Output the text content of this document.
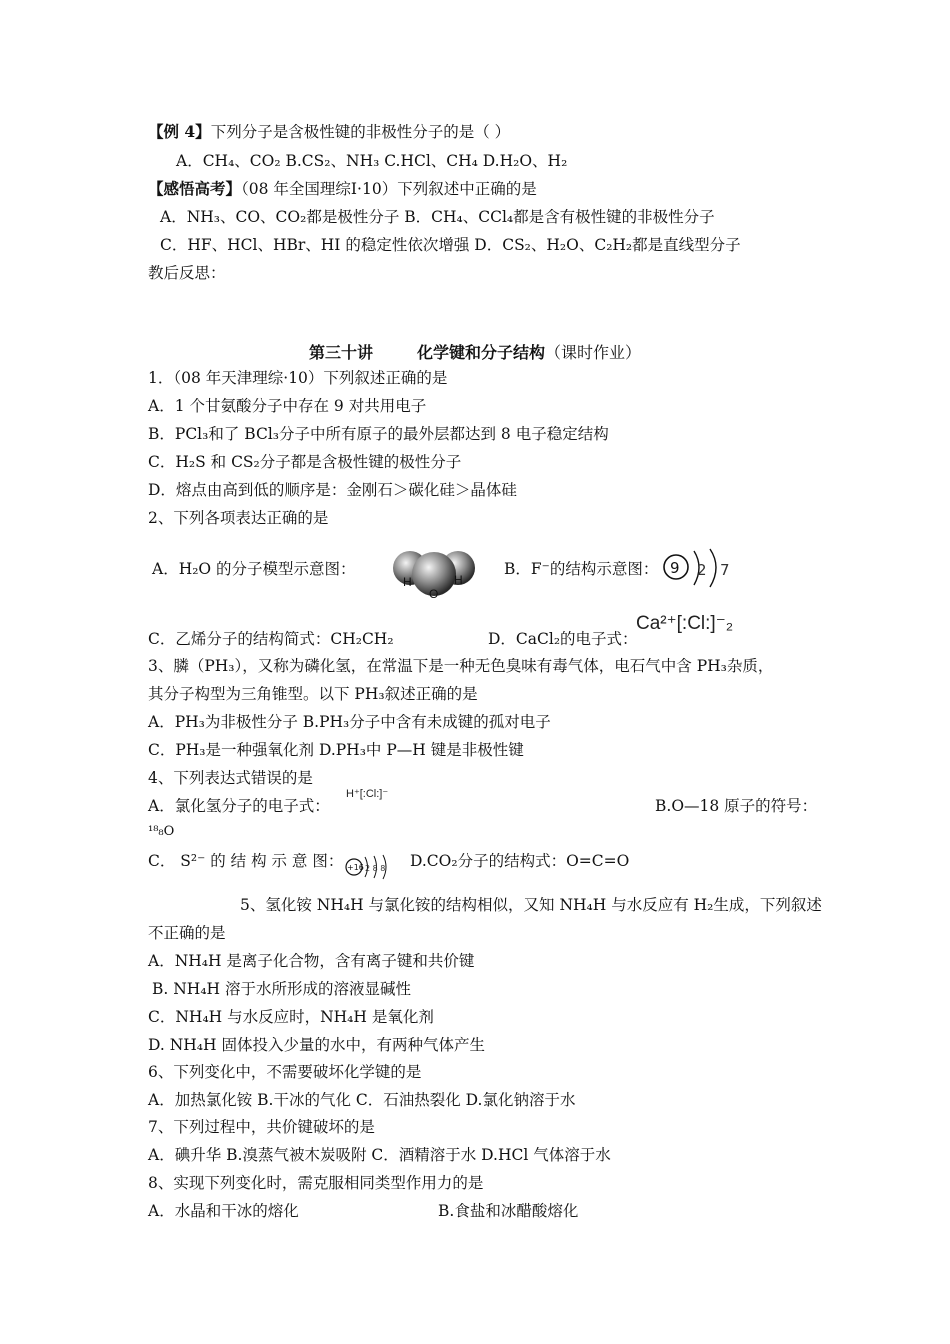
【例 4】下列分子是含极性键的非极性分子的是（ ）
A．CH₄、CO₂ B.CS₂、NH₃ C.HCl、CH₄ D.H₂O、H₂
【感悟高考】（08 年全国理综Ⅰ·10）下列叙述中正确的是
A．NH₃、CO、CO₂都是极性分子 B．CH₄、CCl₄都是含有极性键的非极性分子
C．HF、HCl、HBr、HI 的稳定性依次增强 D．CS₂、H₂O、C₂H₂都是直线型分子
教后反思：
第三十讲	化学键和分子结构（课时作业）
1．（08 年天津理综·10）下列叙述正确的是
A．1 个甘氨酸分子中存在 9 对共用电子
B．PCl₃和了 BCl₃分子中所有原子的最外层都达到 8 电子稳定结构
C．H₂S 和 CS₂分子都是含极性键的极性分子
D．熔点由高到低的顺序是：金刚石＞碳化硅＞晶体硅
2、下列各项表达正确的是
A．H₂O 的分子模型示意图：
H	H
O
B．F⁻的结构示意图： 9 2 7
C．乙烯分子的结构简式：CH₂CH₂	D．CaCl₂的电子式：
Ca²⁺[:Cl:]⁻₂
3、膦（PH₃），又称为磷化氢，在常温下是一种无色臭味有毒气体，电石气中含 PH₃杂质，
其分子构型为三角锥型。以下 PH₃叙述正确的是
A．PH₃为非极性分子 B.PH₃分子中含有未成键的孤对电子
C．PH₃是一种强氧化剂 D.PH₃中 P—H 键是非极性键
4、下列表达式错误的是
A．氯化氢分子的电子式：
H⁺[:Cl:]⁻
B.O—18 原子的符号：
¹⁸₈O
C． S²⁻ 的 结 构 示 意 图： +16 2 8 8 D.CO₂分子的结构式：O=C=O
5、氢化铵 NH₄H 与氯化铵的结构相似，又知 NH₄H 与水反应有 H₂生成，下列叙述
不正确的是
A．NH₄H 是离子化合物，含有离子键和共价键
B. NH₄H 溶于水所形成的溶液显碱性
C．NH₄H 与水反应时，NH₄H 是氧化剂
D. NH₄H 固体投入少量的水中，有两种气体产生
6、下列变化中，不需要破坏化学键的是
A．加热氯化铵 B.干冰的气化 C．石油热裂化 D.氯化钠溶于水
7、下列过程中，共价键破坏的是
A．碘升华 B.溴蒸气被木炭吸附 C．酒精溶于水 D.HCl 气体溶于水
8、实现下列变化时，需克服相同类型作用力的是
A．水晶和干冰的熔化	B.食盐和冰醋酸熔化
